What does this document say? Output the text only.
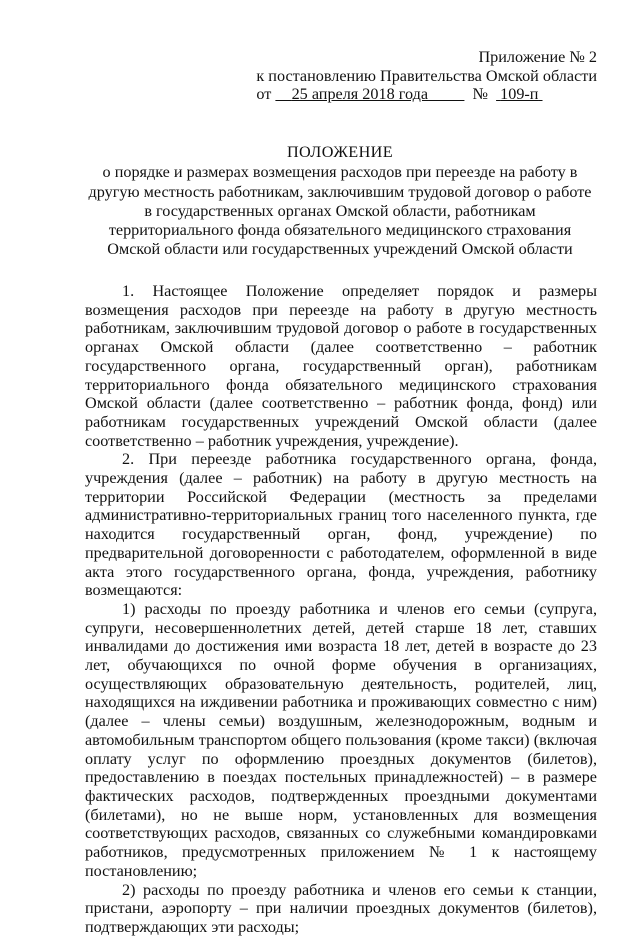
Приложение № 2
к постановлению Правительства Омской области
от 25 апреля 2018 года	№ 109-п
ПОЛОЖЕНИЕ
о порядке и размерах возмещения расходов при переезде на работу в другую местность работникам, заключившим трудовой договор о работе в государственных органах Омской области, работникам территориального фонда обязательного медицинского страхования Омской области или государственных учреждений Омской области

1. Настоящее Положение определяет порядок и размеры возмещения расходов при переезде на работу в другую местность работникам, заключившим трудовой договор о работе в государственных органах Омской области (далее соответственно – работник государственного органа, государственный орган), работникам территориального фонда обязательного медицинского страхования Омской области (далее соответственно – работник фонда, фонд) или работникам государственных учреждений Омской области (далее соответственно – работник учреждения, учреждение).

2. При переезде работника государственного органа, фонда, учреждения (далее – работник) на работу в другую местность на территории Российской Федерации (местность за пределами административно-территориальных границ того населенного пункта, где находится государственный орган, фонд, учреждение) по предварительной договоренности с работодателем, оформленной в виде акта этого государственного органа, фонда, учреждения, работнику возмещаются:

1) расходы по проезду работника и членов его семьи (супруга, супруги, несовершеннолетних детей, детей старше 18 лет, ставших инвалидами до достижения ими возраста 18 лет, детей в возрасте до 23 лет, обучающихся по очной форме обучения в организациях, осуществляющих образовательную деятельность, родителей, лиц, находящихся на иждивении работника и проживающих совместно с ним) (далее – члены семьи) воздушным, железнодорожным, водным и автомобильным транспортом общего пользования (кроме такси) (включая оплату услуг по оформлению проездных документов (билетов), предоставлению в поездах постельных принадлежностей) – в размере фактических расходов, подтвержденных проездными документами (билетами), но не выше норм, установленных для возмещения соответствующих расходов, связанных со служебными командировками работников, предусмотренных приложением № 1 к настоящему постановлению;

2) расходы по проезду работника и членов его семьи к станции, пристани, аэропорту – при наличии проездных документов (билетов), подтверждающих эти расходы;
